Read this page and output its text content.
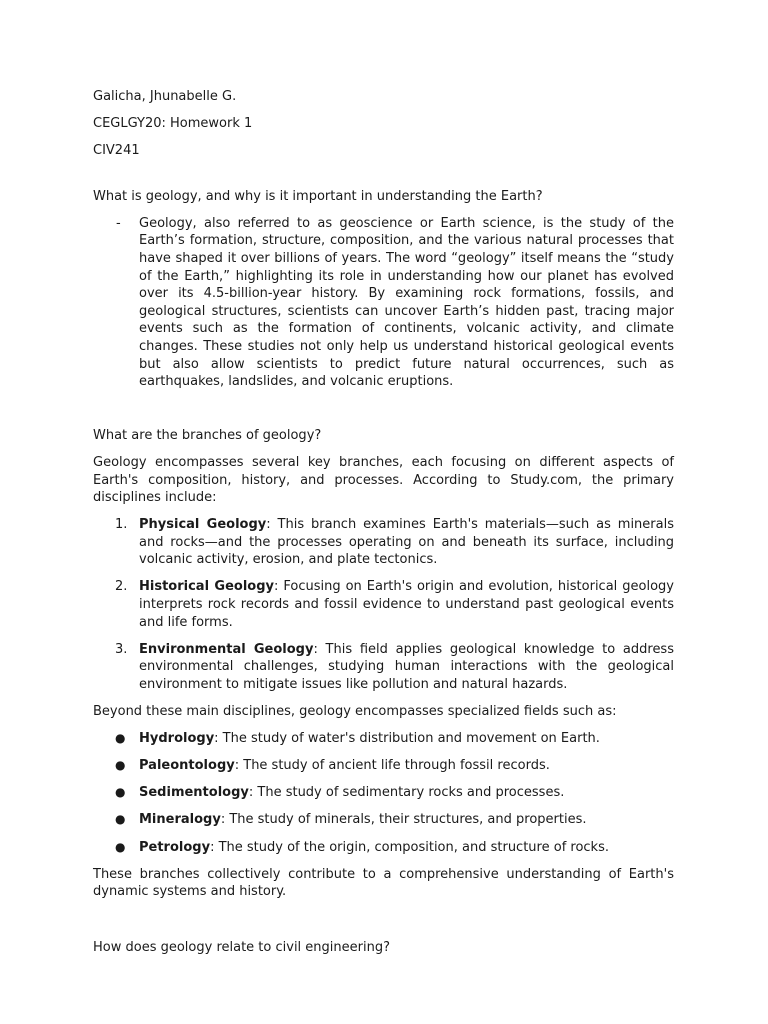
Galicha, Jhunabelle G.

CEGLGY20: Homework 1

CIV241

What is geology, and why is it important in understanding the Earth?

- Geology, also referred to as geoscience or Earth science, is the study of the Earth’s formation, structure, composition, and the various natural processes that have shaped it over billions of years. The word “geology” itself means the “study of the Earth,” highlighting its role in understanding how our planet has evolved over its 4.5-billion-year history. By examining rock formations, fossils, and geological structures, scientists can uncover Earth’s hidden past, tracing major events such as the formation of continents, volcanic activity, and climate changes. These studies not only help us understand historical geological events but also allow scientists to predict future natural occurrences, such as earthquakes, landslides, and volcanic eruptions.

What are the branches of geology?

Geology encompasses several key branches, each focusing on different aspects of Earth's composition, history, and processes. According to Study.com, the primary disciplines include:

1. Physical Geology: This branch examines Earth's materials—such as minerals and rocks—and the processes operating on and beneath its surface, including volcanic activity, erosion, and plate tectonics.
2. Historical Geology: Focusing on Earth's origin and evolution, historical geology interprets rock records and fossil evidence to understand past geological events and life forms.
3. Environmental Geology: This field applies geological knowledge to address environmental challenges, studying human interactions with the geological environment to mitigate issues like pollution and natural hazards.

Beyond these main disciplines, geology encompasses specialized fields such as:

● Hydrology: The study of water's distribution and movement on Earth.
● Paleontology: The study of ancient life through fossil records.
● Sedimentology: The study of sedimentary rocks and processes.
● Mineralogy: The study of minerals, their structures, and properties.
● Petrology: The study of the origin, composition, and structure of rocks.

These branches collectively contribute to a comprehensive understanding of Earth's dynamic systems and history.

How does geology relate to civil engineering?
